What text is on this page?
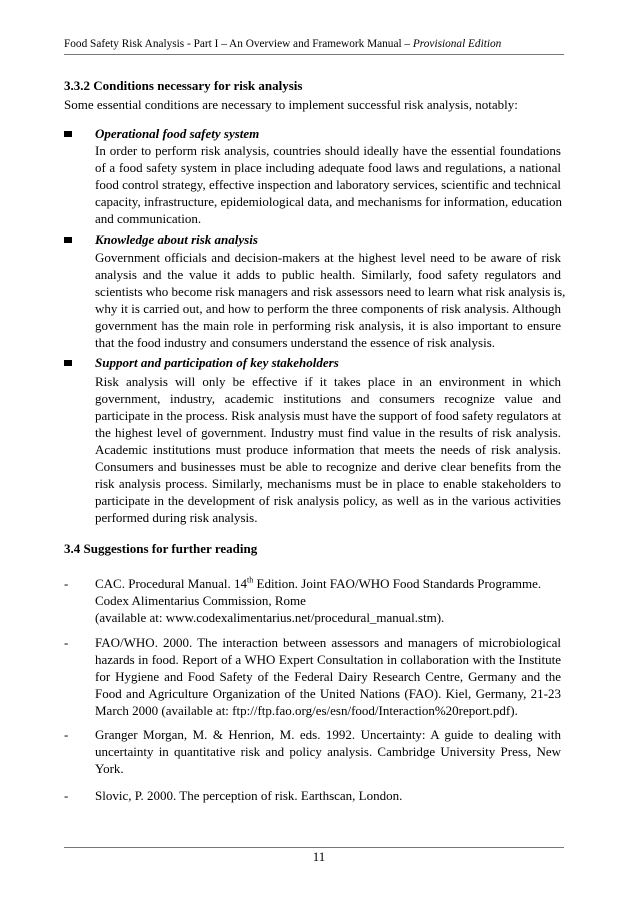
Food Safety Risk Analysis - Part I – An Overview and Framework Manual – Provisional Edition
3.3.2 Conditions necessary for risk analysis
Some essential conditions are necessary to implement successful risk analysis, notably:
Operational food safety system
In order to perform risk analysis, countries should ideally have the essential foundations
of a food safety system in place including adequate food laws and regulations, a national
food control strategy, effective inspection and laboratory services, scientific and technical
capacity, infrastructure, epidemiological data, and mechanisms for information, education
and communication.
Knowledge about risk analysis
Government officials and decision-makers at the highest level need to be aware of risk
analysis and the value it adds to public health. Similarly, food safety regulators and
scientists who become risk managers and risk assessors need to learn what risk analysis is,
why it is carried out, and how to perform the three components of risk analysis. Although
government has the main role in performing risk analysis, it is also important to ensure
that the food industry and consumers understand the essence of risk analysis.
Support and participation of key stakeholders
Risk analysis will only be effective if it takes place in an environment in which
government, industry, academic institutions and consumers recognize value and
participate in the process. Risk analysis must have the support of food safety regulators at
the highest level of government. Industry must find value in the results of risk analysis.
Academic institutions must produce information that meets the needs of risk analysis.
Consumers and businesses must be able to recognize and derive clear benefits from the
risk analysis process. Similarly, mechanisms must be in place to enable stakeholders to
participate in the development of risk analysis policy, as well as in the various activities
performed during risk analysis.
3.4 Suggestions for further reading
- CAC. Procedural Manual. 14th Edition. Joint FAO/WHO Food Standards Programme.
Codex Alimentarius Commission, Rome
(available at: www.codexalimentarius.net/procedural_manual.stm).
- FAO/WHO. 2000. The interaction between assessors and managers of microbiological
hazards in food. Report of a WHO Expert Consultation in collaboration with the Institute
for Hygiene and Food Safety of the Federal Dairy Research Centre, Germany and the
Food and Agriculture Organization of the United Nations (FAO). Kiel, Germany, 21-23
March 2000 (available at: ftp://ftp.fao.org/es/esn/food/Interaction%20report.pdf).
- Granger Morgan, M. & Henrion, M. eds. 1992. Uncertainty: A guide to dealing with
uncertainty in quantitative risk and policy analysis. Cambridge University Press, New
York.
- Slovic, P. 2000. The perception of risk. Earthscan, London.
11
